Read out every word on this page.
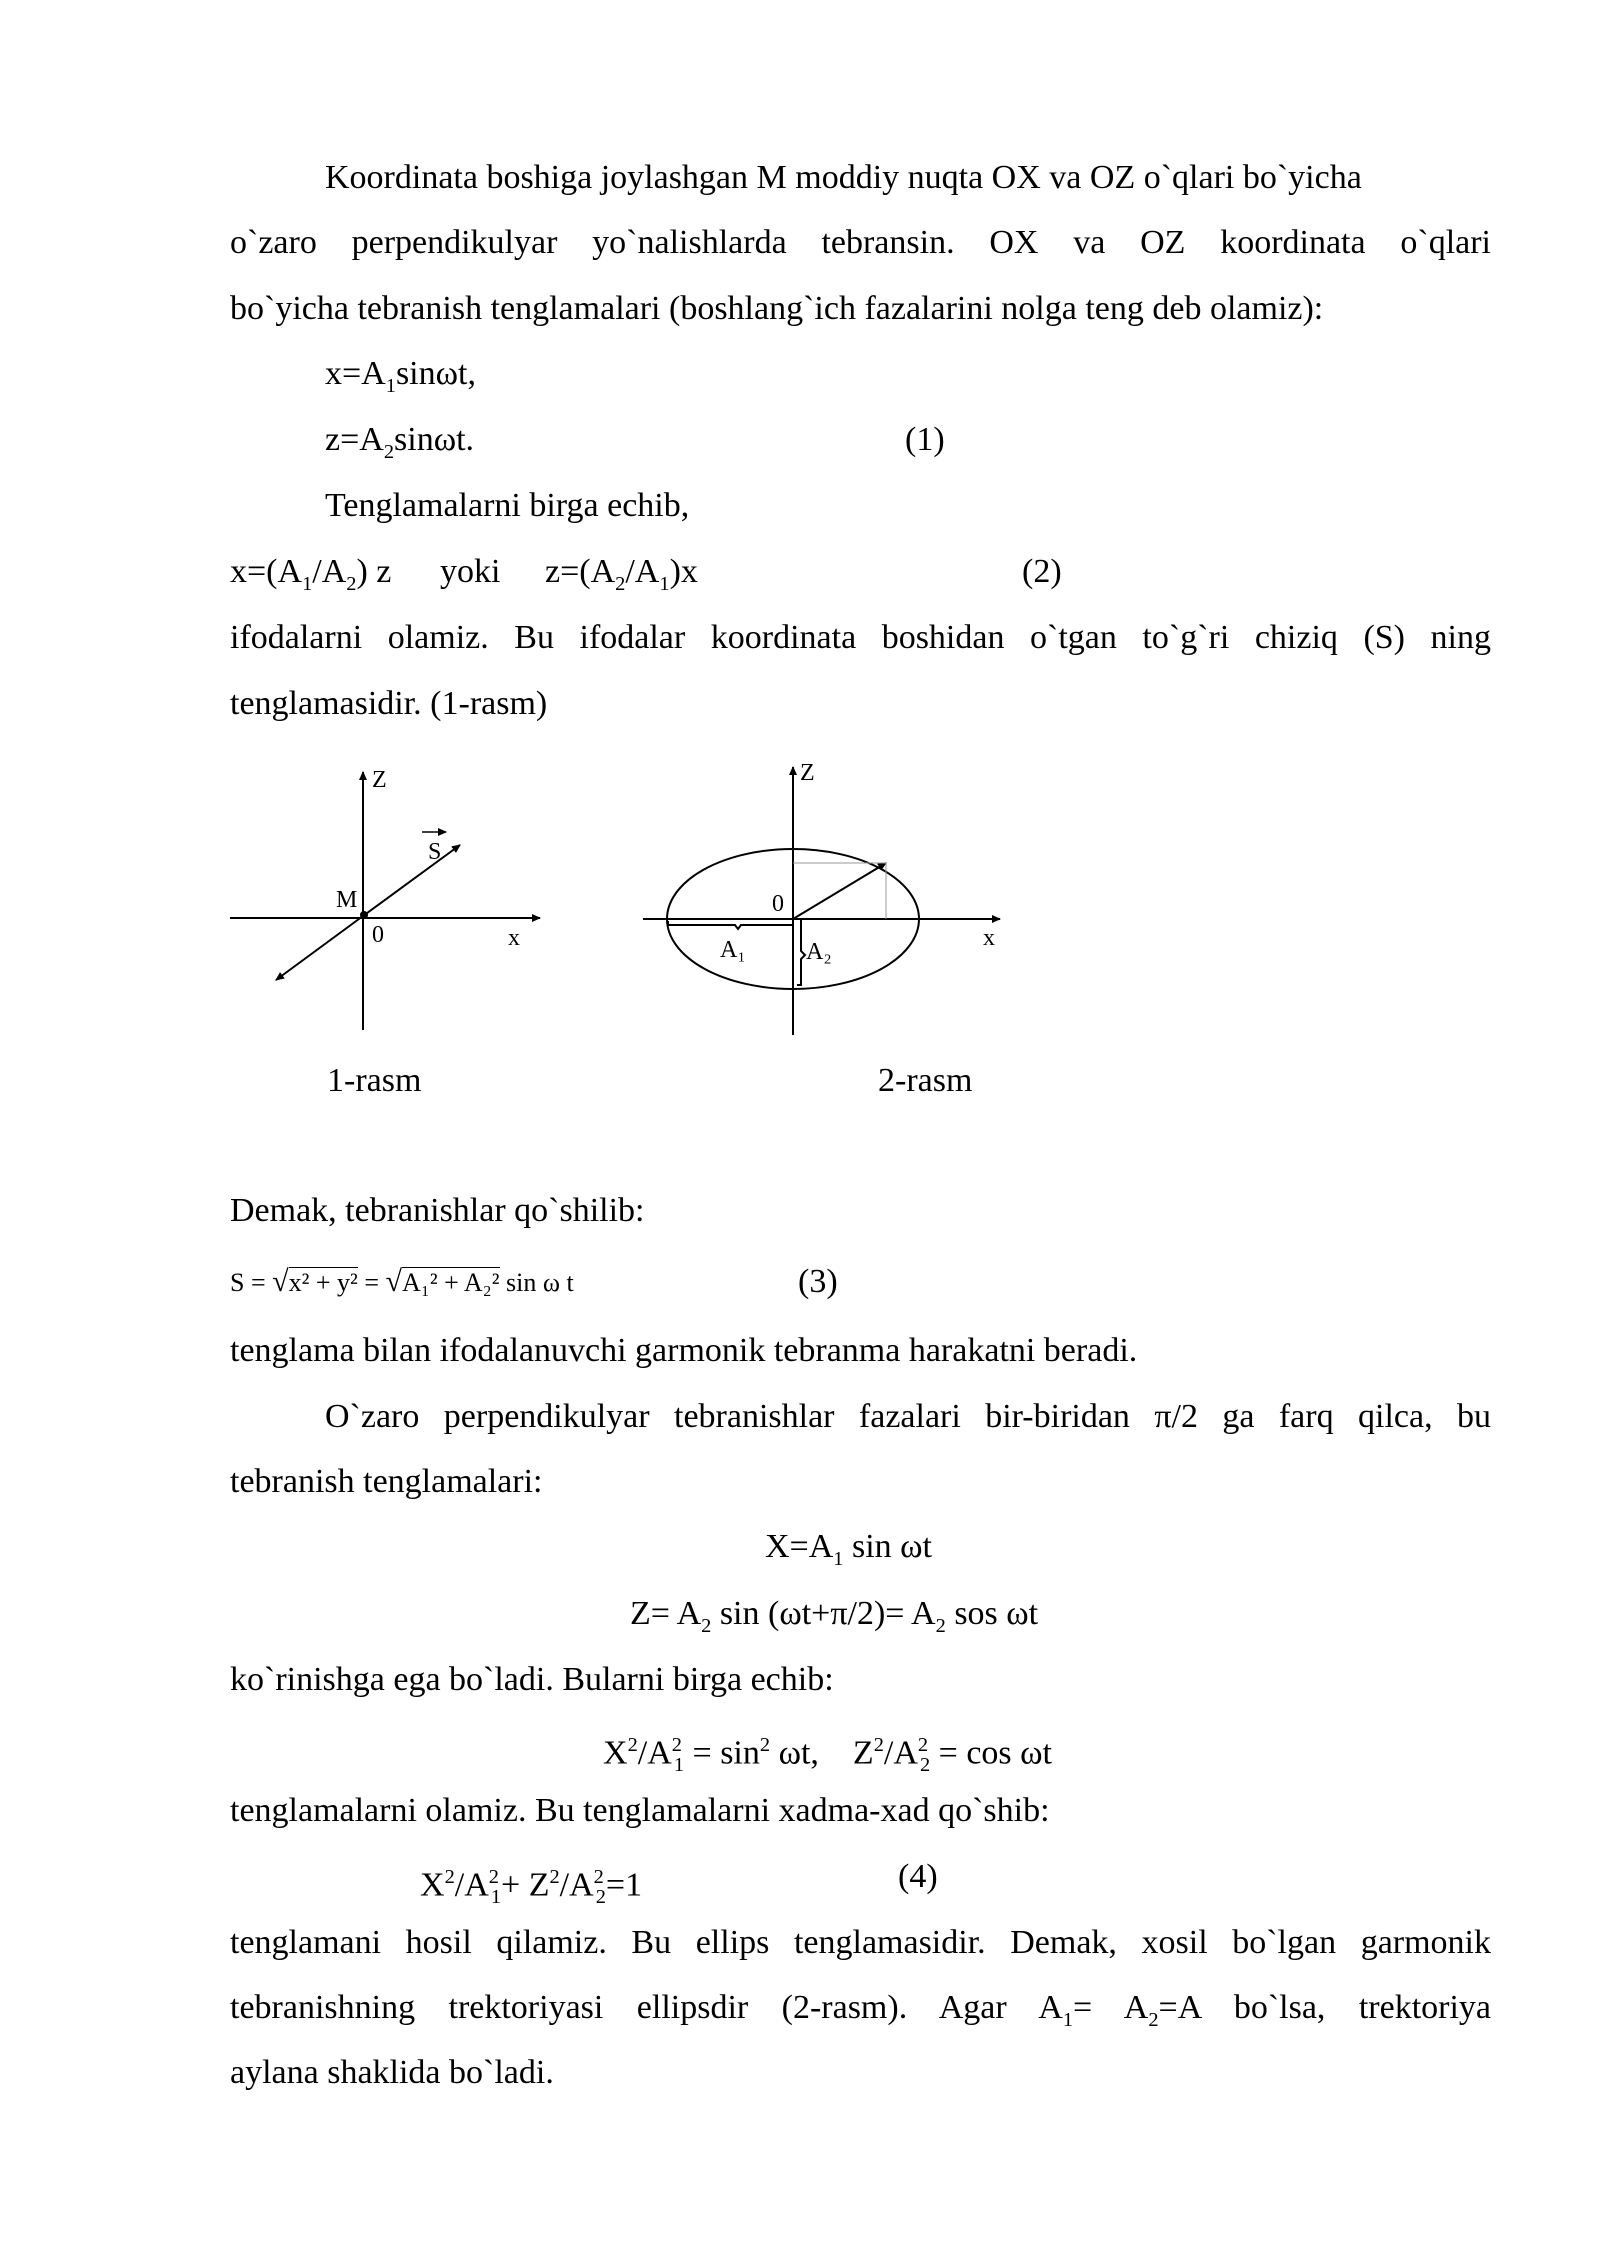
Koordinata boshiga joylashgan M moddiy nuqta OX va OZ o`qlari bo`yicha
o`zaro perpendikulyar yo`nalishlarda tebransin. OX va OZ koordinata o`qlari
bo`yicha tebranish tenglamalari (boshlang`ich fazalarini nolga teng deb olamiz):
$x=A_1\sin\omega t$,
$z=A_2\sin\omega t$.	(1)
Tenglamalarni birga echib,
$x=(A_1/A_2)$ z yoki $z=(A_2/A_1)x$	(2)
ifodalarni olamiz. Bu ifodalar koordinata boshidan o`tgan to`g`ri chiziq (S) ning
tenglamasidir. (1-rasm)
Z
S
M
0	x
1-rasm
Z
0
A₁	A₂
x
2-rasm
Demak, tebranishlar qo`shilib:
S = √x² + y² = √A₁² + A₂² sin ω t	(3)
tenglama bilan ifodalanuvchi garmonik tebranma harakatni beradi.
O`zaro perpendikulyar tebranishlar fazalari bir-biridan π/2 ga farq qilca, bu
tebranish tenglamalari:
$X=A_1$ sin ωt
$Z= A_2$ $\sin (\omega t+\pi/2)= A_2$ sos ωt
ko`rinishga ega bo`ladi. Bularni birga echib:
$X^2/A^2_1 = \sin^2 \omega t$, $Z^2/A^2_2 = \cos \omega t$
tenglamalarni olamiz. Bu tenglamalarni xadma-xad qo`shib:
$X^2/A^2_1+ Z^2/A^2_2=1$	(4)
tenglamani hosil qilamiz. Bu ellips tenglamasidir. Demak, xosil bo`lgan garmonik
tebranishning trektoriyasi ellipsdir (2-rasm). Agar $A_1= A_2=A$ bo`lsa, trektoriya
aylana shaklida bo`ladi.
